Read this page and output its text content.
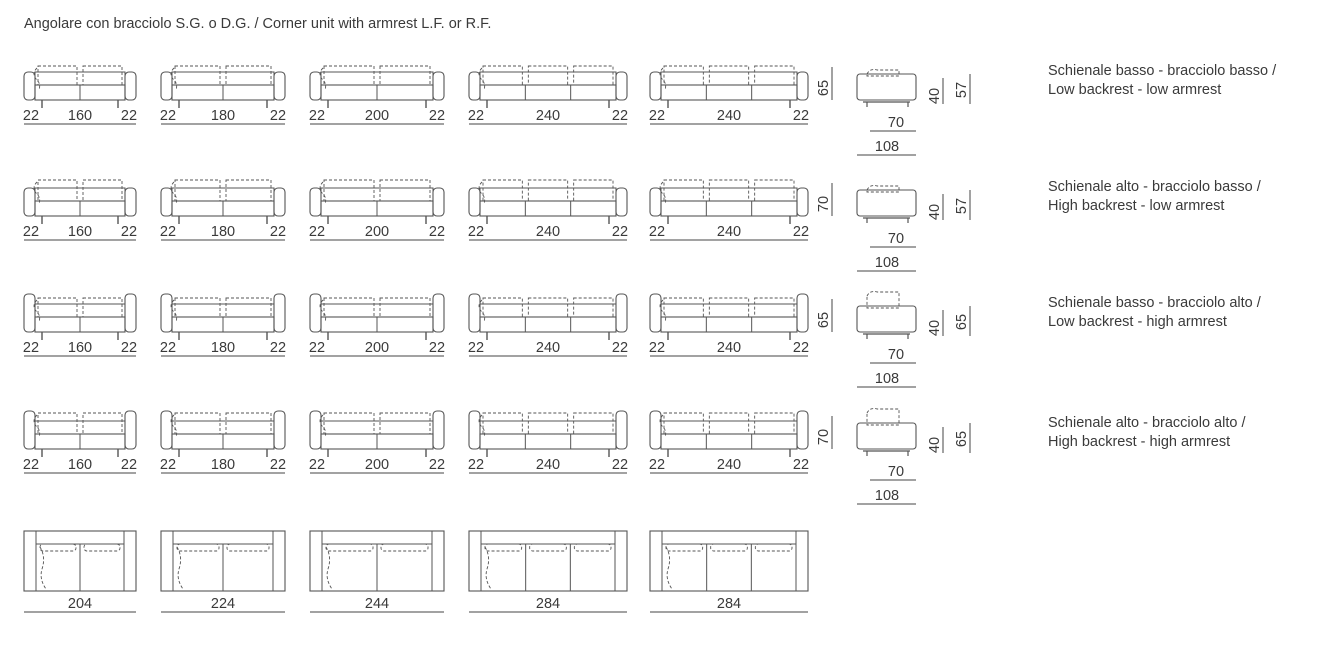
Angolare con bracciolo S.G. o D.G. / Corner unit with armrest L.F. or R.F.
22 160 22 22 180 22 22	200	22 22	240	22 22	240	22
65	40 57
70
108
22 160 22 22 180 22 22	200	22 22	240	22 22	240	22
70	40 57
70
108
22 160 22 22 180 22 22	200	22 22	240	22 22	240	22
65	40 65
70
108
22 160 22 22 180 22 22	200	22 22	240	22 22	240	22
70	40 65
70
108
204	224	244	284	284
Schienale basso - bracciolo basso /
Low backrest - low armrest
Schienale alto - bracciolo basso /
High backrest - low armrest
Schienale basso - bracciolo alto /
Low backrest - high armrest
Schienale alto - bracciolo alto /
High backrest - high armrest
